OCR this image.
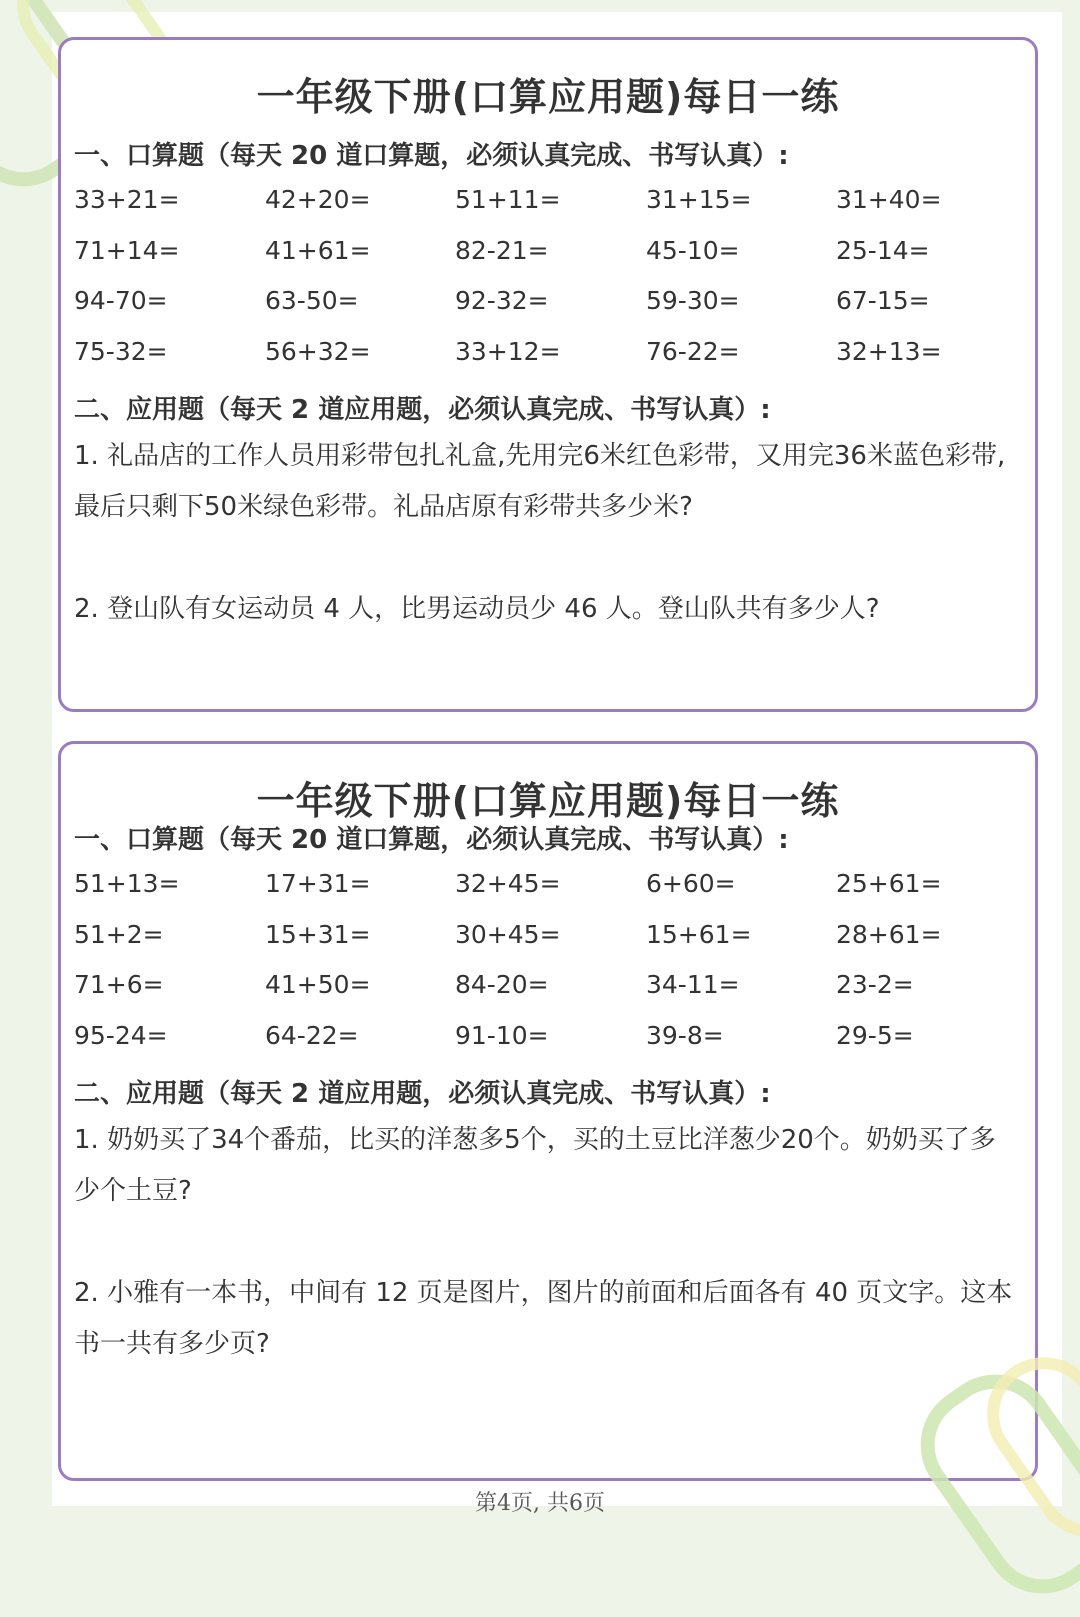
一年级下册(口算应用题)每日一练
一、口算题（每天 20 道口算题，必须认真完成、书写认真）:
33+21=	42+20=	51+11=	31+15=	31+40=
71+14=	41+61=	82-21=	45-10=	25-14=
94-70=	63-50=	92-32=	59-30=	67-15=
75-32=	56+32=	33+12=	76-22=	32+13=
二、应用题（每天 2 道应用题，必须认真完成、书写认真）:
1. 礼品店的工作人员用彩带包扎礼盒,先用完6米红色彩带，又用完36米蓝色彩带,最后只剩下50米绿色彩带。礼品店原有彩带共多少米?
2. 登山队有女运动员 4 人，比男运动员少 46 人。登山队共有多少人?
一年级下册(口算应用题)每日一练
一、口算题（每天 20 道口算题，必须认真完成、书写认真）:
51+13=	17+31=	32+45=	6+60=	25+61=
51+2=	15+31=	30+45=	15+61=	28+61=
71+6=	41+50=	84-20=	34-11=	23-2=
95-24=	64-22=	91-10=	39-8=	29-5=
二、应用题（每天 2 道应用题，必须认真完成、书写认真）:
1. 奶奶买了34个番茄，比买的洋葱多5个，买的土豆比洋葱少20个。奶奶买了多少个土豆?
2. 小雅有一本书，中间有 12 页是图片，图片的前面和后面各有 40 页文字。这本书一共有多少页?
第4页, 共6页
